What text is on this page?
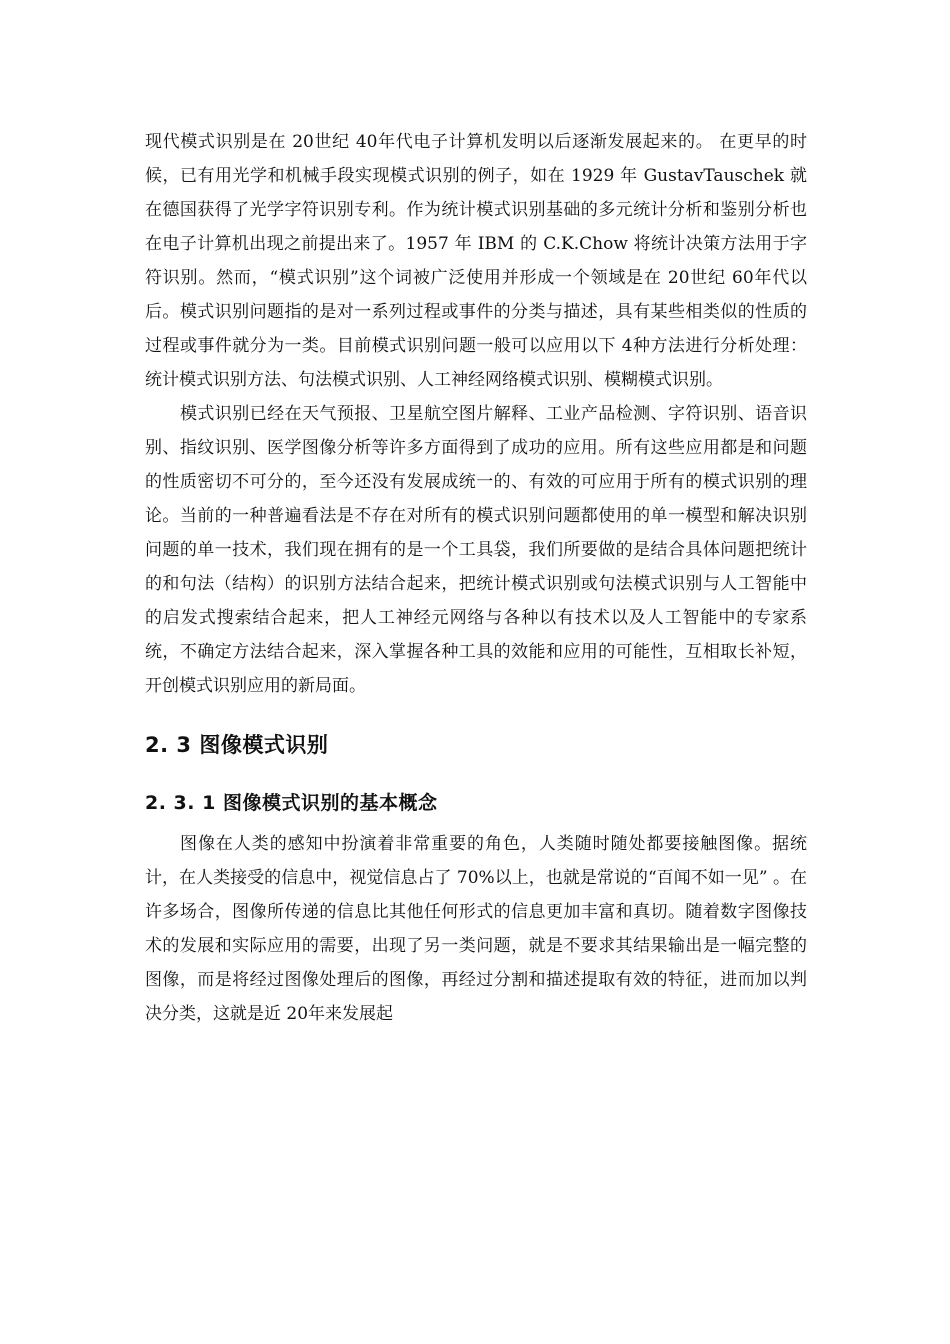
现代模式识别是在 20世纪 40年代电子计算机发明以后逐渐发展起来的。 在更早的时候，已有用光学和机械手段实现模式识别的例子，如在 1929 年 GustavTauschek 就在德国获得了光学字符识别专利。作为统计模式识别基础的多元统计分析和鉴别分析也在电子计算机出现之前提出来了。1957 年 IBM 的 C.K.Chow 将统计决策方法用于字符识别。然而，“模式识别”这个词被广泛使用并形成一个领域是在 20世纪 60年代以后。模式识别问题指的是对一系列过程或事件的分类与描述，具有某些相类似的性质的过程或事件就分为一类。目前模式识别问题一般可以应用以下 4种方法进行分析处理：统计模式识别方法、句法模式识别、人工神经网络模式识别、模糊模式识别。

模式识别已经在天气预报、卫星航空图片解释、工业产品检测、字符识别、语音识别、指纹识别、医学图像分析等许多方面得到了成功的应用。所有这些应用都是和问题的性质密切不可分的，至今还没有发展成统一的、有效的可应用于所有的模式识别的理论。当前的一种普遍看法是不存在对所有的模式识别问题都使用的单一模型和解决识别问题的单一技术，我们现在拥有的是一个工具袋，我们所要做的是结合具体问题把统计的和句法（结构）的识别方法结合起来，把统计模式识别或句法模式识别与人工智能中的启发式搜索结合起来，把人工神经元网络与各种以有技术以及人工智能中的专家系统，不确定方法结合起来，深入掌握各种工具的效能和应用的可能性，互相取长补短，开创模式识别应用的新局面。

2. 3 图像模式识别
2. 3. 1 图像模式识别的基本概念

图像在人类的感知中扮演着非常重要的角色，人类随时随处都要接触图像。据统计，在人类接受的信息中，视觉信息占了 70%以上，也就是常说的“百闻不如一见” 。在许多场合，图像所传递的信息比其他任何形式的信息更加丰富和真切。随着数字图像技术的发展和实际应用的需要，出现了另一类问题，就是不要求其结果输出是一幅完整的图像，而是将经过图像处理后的图像，再经过分割和描述提取有效的特征，进而加以判决分类，这就是近 20年来发展起
